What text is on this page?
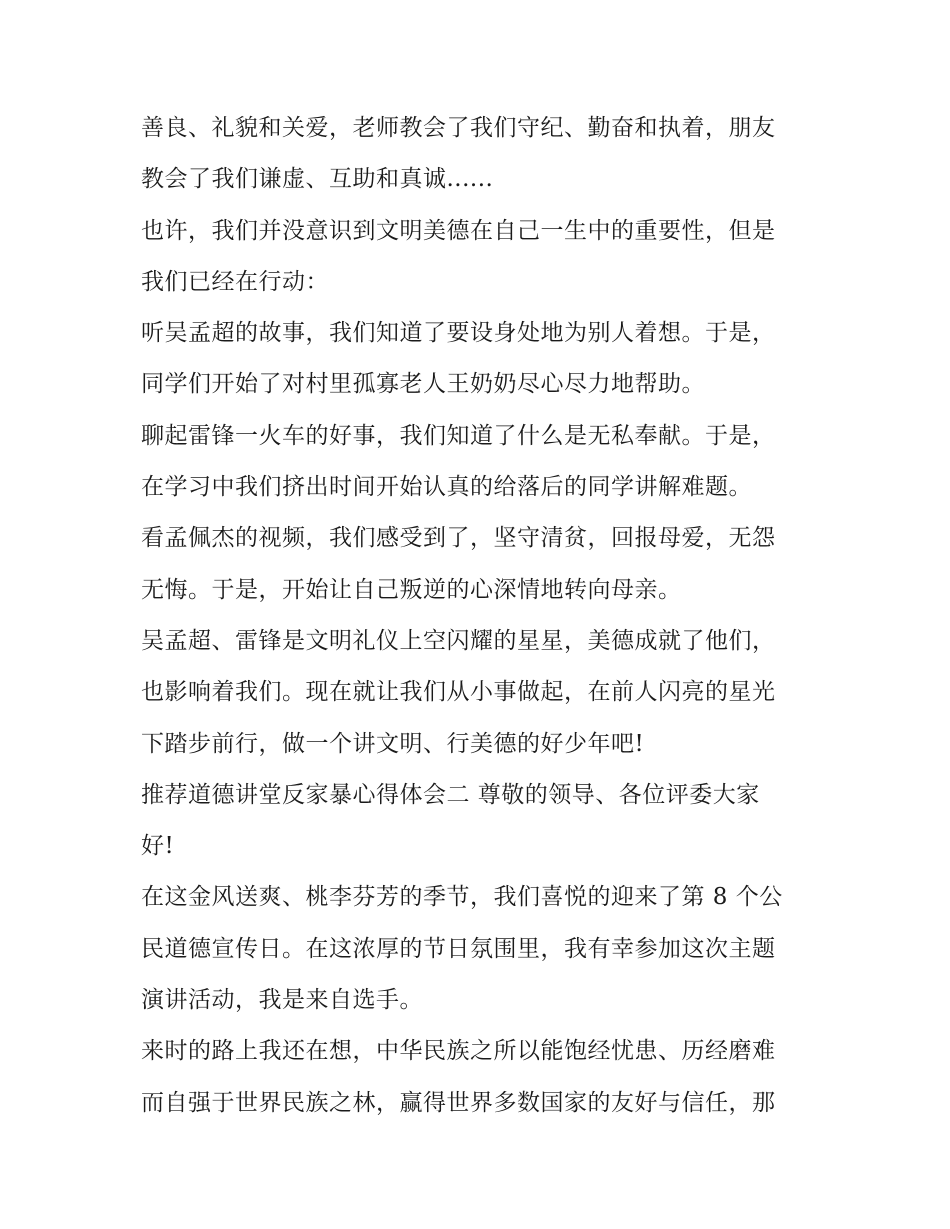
善良、礼貌和关爱，老师教会了我们守纪、勤奋和执着，朋友
教会了我们谦虚、互助和真诚......
也许，我们并没意识到文明美德在自己一生中的重要性，但是
我们已经在行动：
听吴孟超的故事，我们知道了要设身处地为别人着想。于是，
同学们开始了对村里孤寡老人王奶奶尽心尽力地帮助。
聊起雷锋一火车的好事，我们知道了什么是无私奉献。于是，
在学习中我们挤出时间开始认真的给落后的同学讲解难题。
看孟佩杰的视频，我们感受到了，坚守清贫，回报母爱，无怨
无悔。于是，开始让自己叛逆的心深情地转向母亲。
吴孟超、雷锋是文明礼仪上空闪耀的星星，美德成就了他们，
也影响着我们。现在就让我们从小事做起，在前人闪亮的星光
下踏步前行，做一个讲文明、行美德的好少年吧!
推荐道德讲堂反家暴心得体会二 尊敬的领导、各位评委大家
好!
在这金风送爽、桃李芬芳的季节，我们喜悦的迎来了第 8 个公
民道德宣传日。在这浓厚的节日氛围里，我有幸参加这次主题
演讲活动，我是来自选手。
来时的路上我还在想，中华民族之所以能饱经忧患、历经磨难
而自强于世界民族之林，赢得世界多数国家的友好与信任，那
